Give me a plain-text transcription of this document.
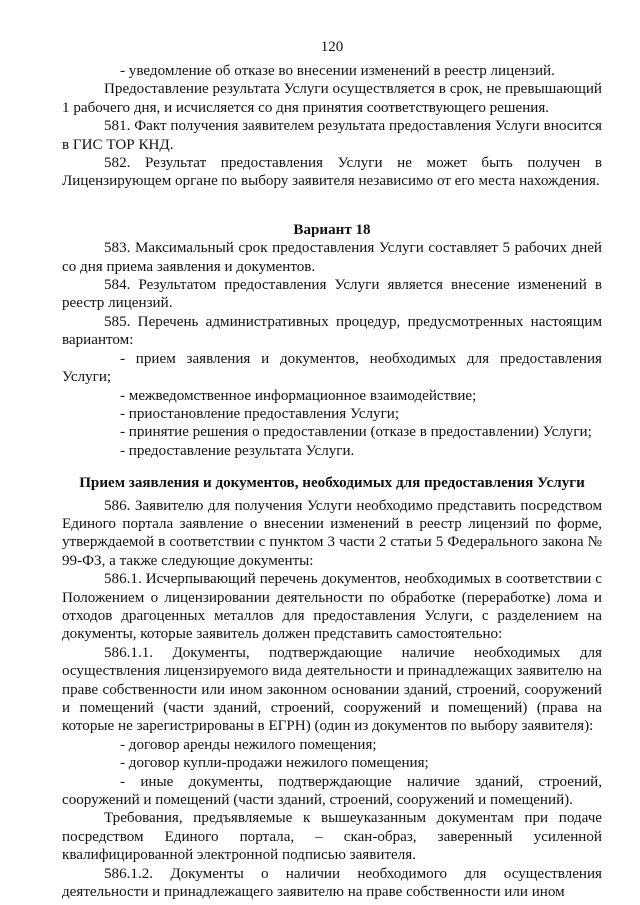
120

- уведомление об отказе во внесении изменений в реестр лицензий.

Предоставление результата Услуги осуществляется в срок, не превышающий 1 рабочего дня, и исчисляется со дня принятия соответствующего решения.

581. Факт получения заявителем результата предоставления Услуги вносится в ГИС ТОР КНД.

582. Результат предоставления Услуги не может быть получен в Лицензирующем органе по выбору заявителя независимо от его места нахождения.

Вариант 18

583. Максимальный срок предоставления Услуги составляет 5 рабочих дней со дня приема заявления и документов.

584. Результатом предоставления Услуги является внесение изменений в реестр лицензий.

585. Перечень административных процедур, предусмотренных настоящим вариантом:

- прием заявления и документов, необходимых для предоставления Услуги;

- межведомственное информационное взаимодействие;

- приостановление предоставления Услуги;

- принятие решения о предоставлении (отказе в предоставлении) Услуги;

- предоставление результата Услуги.

Прием заявления и документов, необходимых для предоставления Услуги

586. Заявителю для получения Услуги необходимо представить посредством Единого портала заявление о внесении изменений в реестр лицензий по форме, утверждаемой в соответствии с пунктом 3 части 2 статьи 5 Федерального закона № 99-ФЗ, а также следующие документы:

586.1. Исчерпывающий перечень документов, необходимых в соответствии с Положением о лицензировании деятельности по обработке (переработке) лома и отходов драгоценных металлов для предоставления Услуги, с разделением на документы, которые заявитель должен представить самостоятельно:

586.1.1. Документы, подтверждающие наличие необходимых для осуществления лицензируемого вида деятельности и принадлежащих заявителю на праве собственности или ином законном основании зданий, строений, сооружений и помещений (части зданий, строений, сооружений и помещений) (права на которые не зарегистрированы в ЕГРН) (один из документов по выбору заявителя):

- договор аренды нежилого помещения;

- договор купли-продажи нежилого помещения;

- иные документы, подтверждающие наличие зданий, строений, сооружений и помещений (части зданий, строений, сооружений и помещений).

Требования, предъявляемые к вышеуказанным документам при подаче посредством Единого портала, – скан-образ, заверенный усиленной квалифицированной электронной подписью заявителя.

586.1.2. Документы о наличии необходимого для осуществления деятельности и принадлежащего заявителю на праве собственности или ином
